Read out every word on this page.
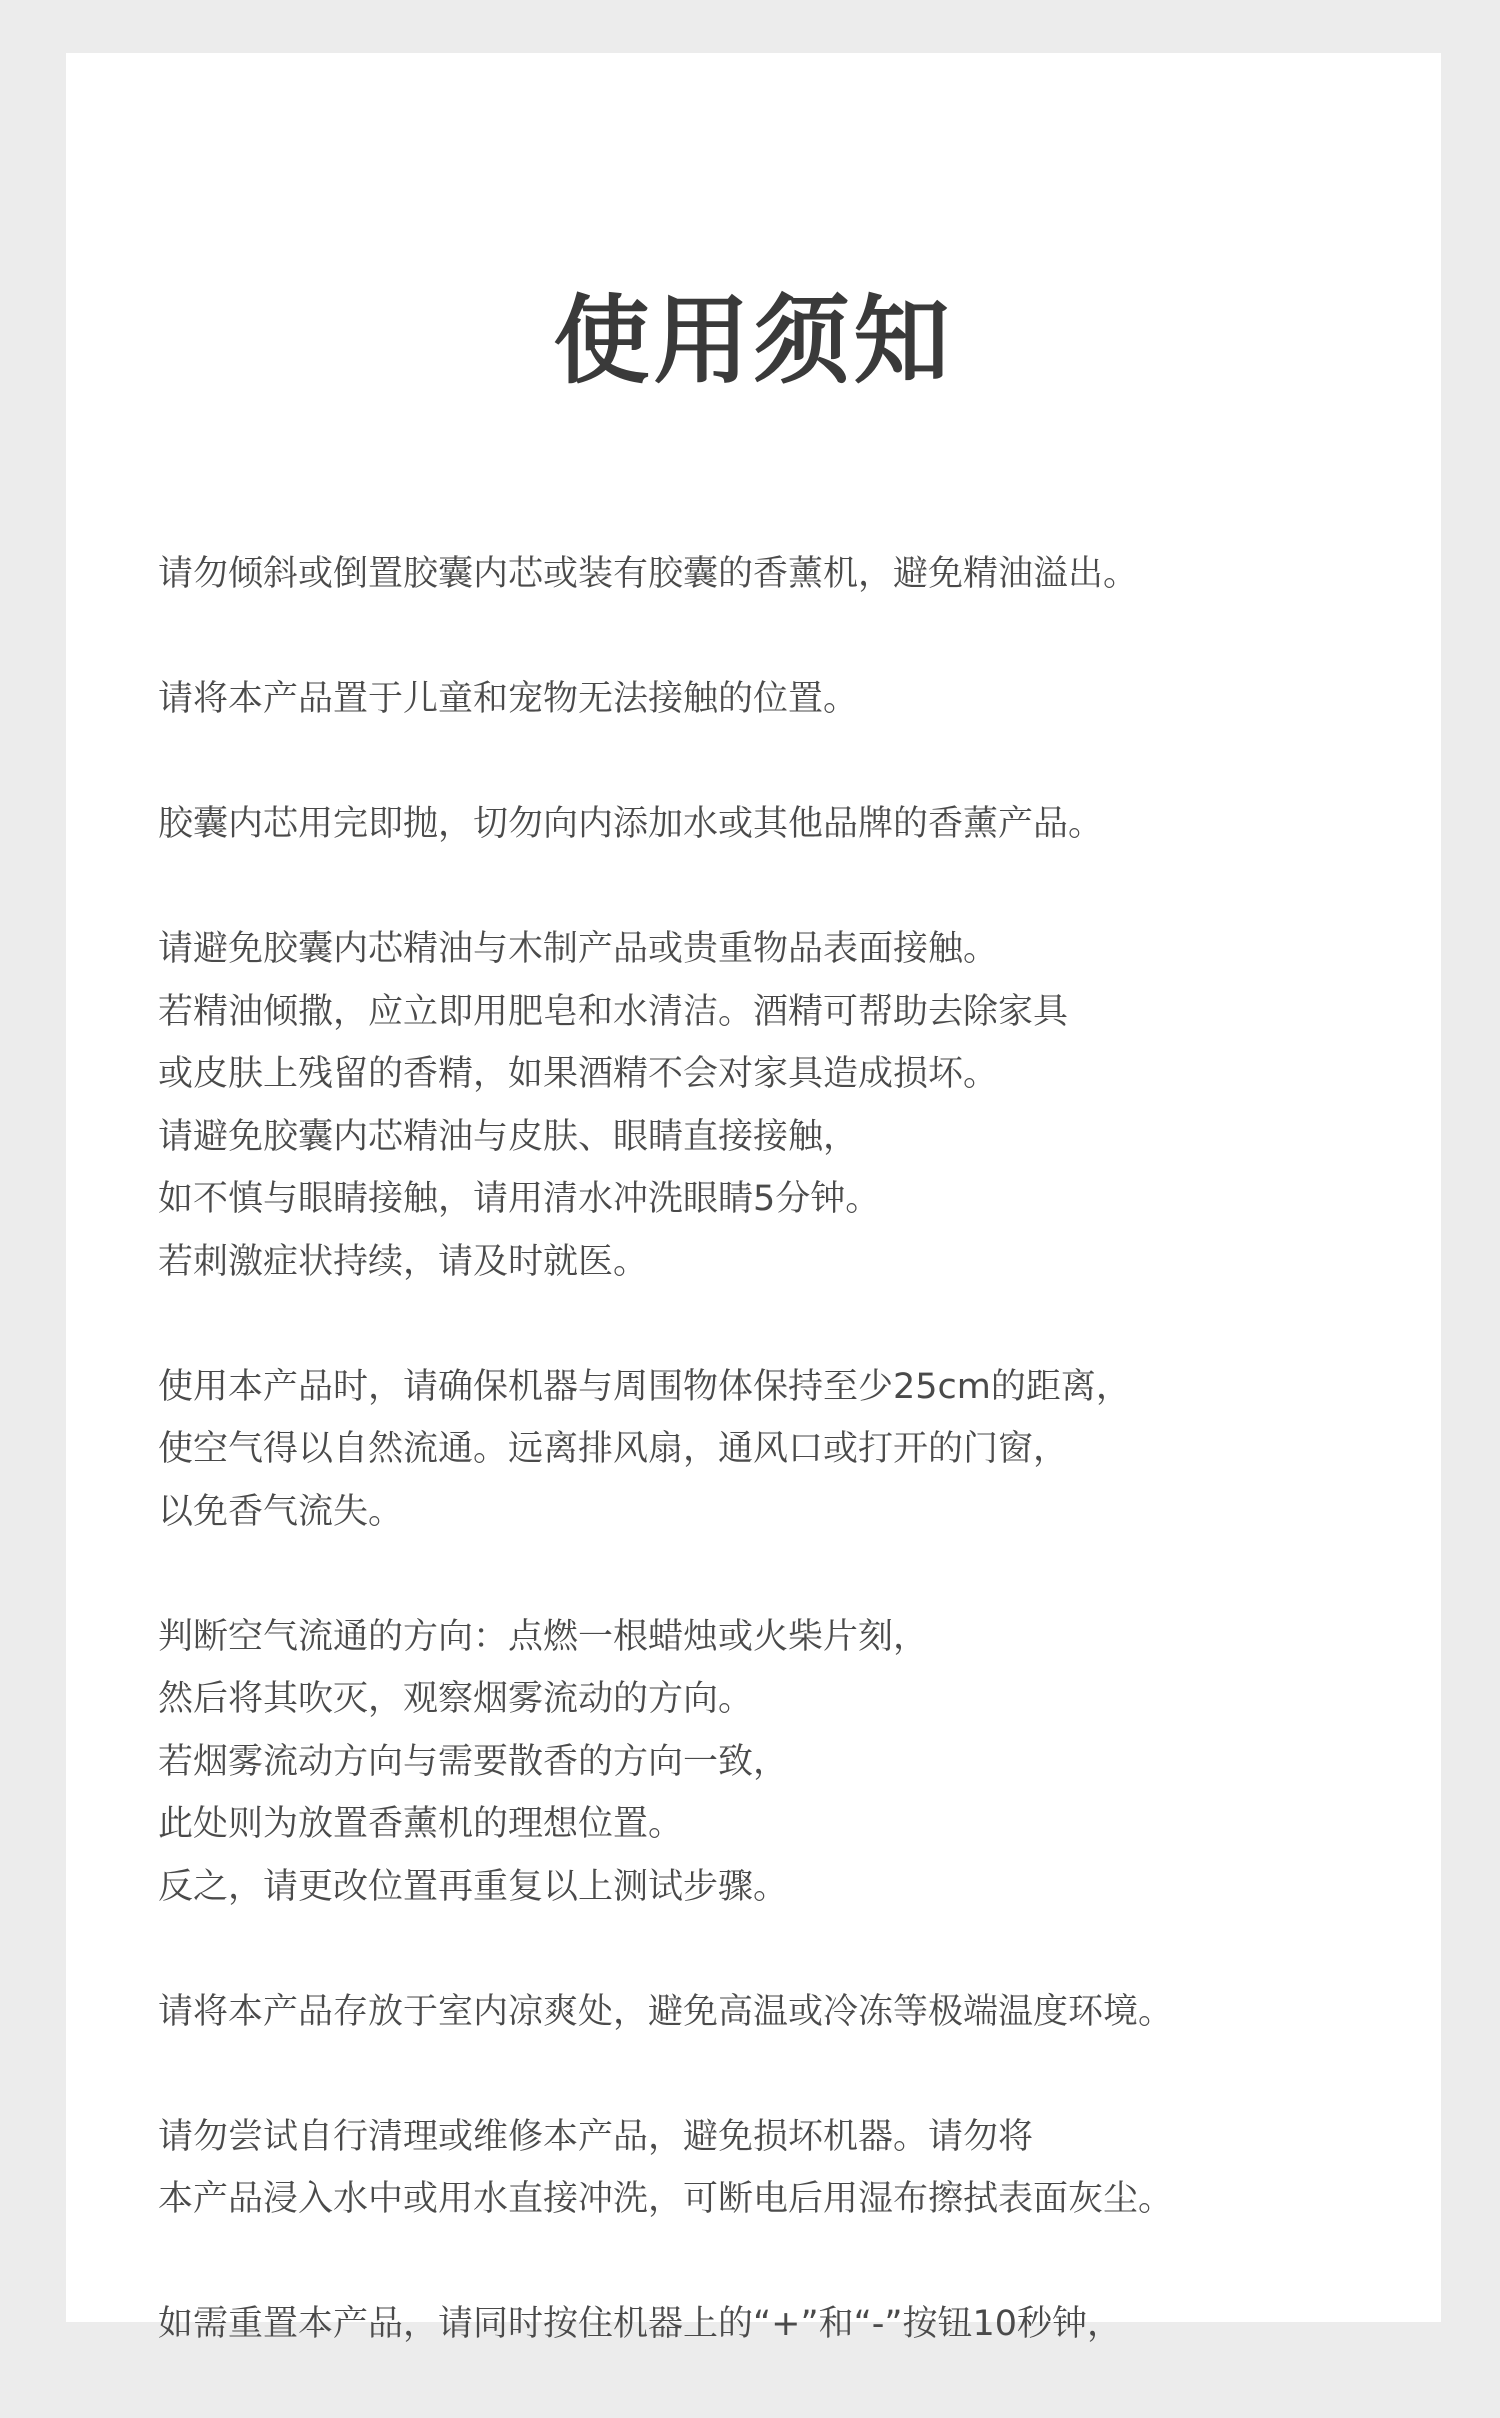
使用须知

请勿倾斜或倒置胶囊内芯或装有胶囊的香薰机，避免精油溢出。

请将本产品置于儿童和宠物无法接触的位置。

胶囊内芯用完即抛，切勿向内添加水或其他品牌的香薰产品。

请避免胶囊内芯精油与木制产品或贵重物品表面接触。
若精油倾撒，应立即用肥皂和水清洁。酒精可帮助去除家具
或皮肤上残留的香精，如果酒精不会对家具造成损坏。
请避免胶囊内芯精油与皮肤、眼睛直接接触，
如不慎与眼睛接触，请用清水冲洗眼睛5分钟。
若刺激症状持续，请及时就医。

使用本产品时，请确保机器与周围物体保持至少25cm的距离，
使空气得以自然流通。远离排风扇，通风口或打开的门窗，
以免香气流失。

判断空气流通的方向：点燃一根蜡烛或火柴片刻，
然后将其吹灭，观察烟雾流动的方向。
若烟雾流动方向与需要散香的方向一致，
此处则为放置香薰机的理想位置。
反之，请更改位置再重复以上测试步骤。

请将本产品存放于室内凉爽处，避免高温或冷冻等极端温度环境。

请勿尝试自行清理或维修本产品，避免损坏机器。请勿将
本产品浸入水中或用水直接冲洗，可断电后用湿布擦拭表面灰尘。

如需重置本产品，请同时按住机器上的“+”和“-”按钮10秒钟，
